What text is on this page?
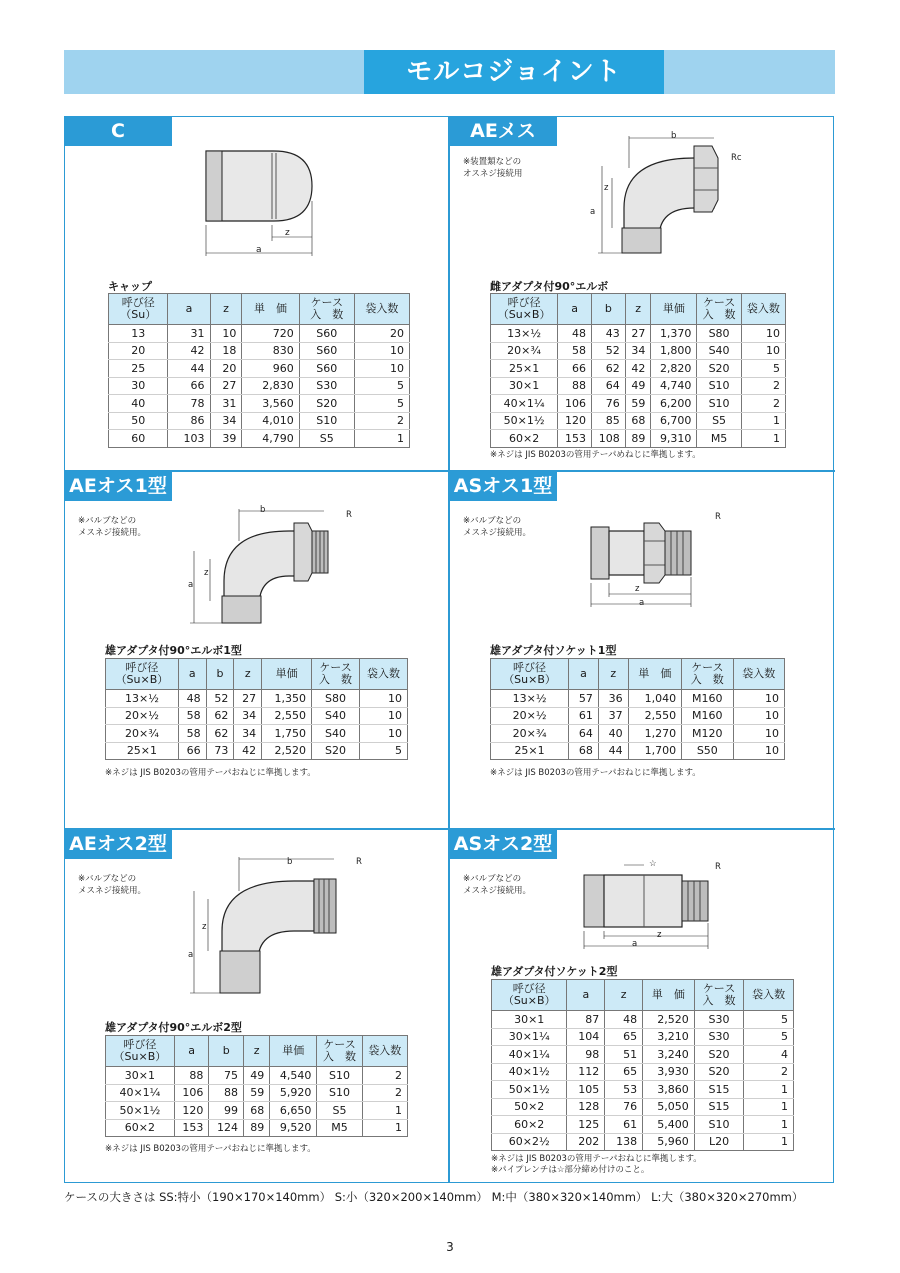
モルコジョイント
C
z
a
キャップ
呼び径
（Su）	a	z	単　価	ケース
入　数	袋入数
13	31	10	720	S60	20
20	42	18	830	S60	10
25	44	20	960	S60	10
30	66	27	2,830	S30	5
40	78	31	3,560	S20	5
50	86	34	4,010	S10	2
60	103	39	4,790	S5	1
AEメス
※装置類などの
オスネジ接続用
b
Rc
a
z
雌アダプタ付90°エルボ
呼び径
（Su×B）	a	b	z	単価	ケース
入　数	袋入数
13×½	48	43	27	1,370	S80	10
20×¾	58	52	34	1,800	S40	10
25×1	66	62	42	2,820	S20	5
30×1	88	64	49	4,740	S10	2
40×1¼	106	76	59	6,200	S10	2
50×1½	120	85	68	6,700	S5	1
60×2	153	108	89	9,310	M5	1
※ネジは JIS B0203の管用テーパめねじに準拠します。
AEオス1型
※バルブなどの
メスネジ接続用。
b	R
a
z
雄アダプタ付90°エルボ1型
呼び径
（Su×B）	a	b	z	単価	ケース
入　数	袋入数
13×½	48	52	27	1,350	S80	10
20×½	58	62	34	2,550	S40	10
20×¾	58	62	34	1,750	S40	10
25×1	66	73	42	2,520	S20	5
※ネジは JIS B0203の管用テーパおねじに準拠します。
ASオス1型
※バルブなどの
メスネジ接続用。
R
z
a
雄アダプタ付ソケット1型
呼び径
（Su×B）	a	z	単　価	ケース
入　数	袋入数
13×½	57	36	1,040	M160	10
20×½	61	37	2,550	M160	10
20×¾	64	40	1,270	M120	10
25×1	68	44	1,700	S50	10
※ネジは JIS B0203の管用テーパおねじに準拠します。
AEオス2型
※バルブなどの
メスネジ接続用。
b	R
a
z
雄アダプタ付90°エルボ2型
呼び径
（Su×B）	a	b	z	単価	ケース
入　数	袋入数
30×1	88	75	49	4,540	S10	2
40×1¼	106	88	59	5,920	S10	2
50×1½	120	99	68	6,650	S5	1
60×2	153	124	89	9,520	M5	1
※ネジは JIS B0203の管用テーパおねじに準拠します。
ASオス2型
※バルブなどの
メスネジ接続用。
☆	R
z
a
雄アダプタ付ソケット2型
呼び径
（Su×B）	a	z	単　価	ケース
入　数	袋入数
30×1	87	48	2,520	S30	5
30×1¼	104	65	3,210	S30	5
40×1¼	98	51	3,240	S20	4
40×1½	112	65	3,930	S20	2
50×1½	105	53	3,860	S15	1
50×2	128	76	5,050	S15	1
60×2	125	61	5,400	S10	1
60×2½	202	138	5,960	L20	1
※ネジは JIS B0203の管用テーパおねじに準拠します。
※パイプレンチは☆部分締め付けのこと。
ケースの大きさは SS:特小（190×170×140mm） S:小（320×200×140mm） M:中（380×320×140mm） L:大（380×320×270mm）
3
